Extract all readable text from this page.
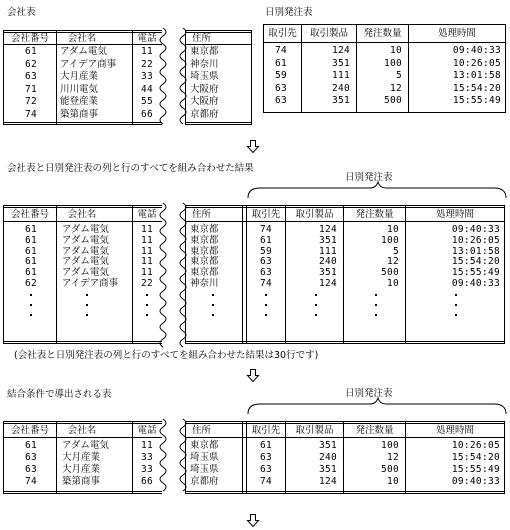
会社表	日別発注表
会社番号	会社名	電話	住所	取引先	取引製品	発注数量	処理時間
61	アダム電気	11	東京都
62	アイデア商事	22	神奈川
63	大月産業	33	埼玉県
71	川川電気	44	大阪府
72	能登産業	55	大阪府
74	築第商事	66	京都府
74	124	10	09:40:33
61	351	100	10:26:05
59	111	5	13:01:58
63	240	12	15:54:20
63	351	500	15:55:49
会社表と日別発注表の列と行のすべてを組み合わせた結果
日別発注表
会社番号	会社名	電話	住所	取引先	取引製品	発注数量	処理時間
61	アダム電気	11	東京都	74	124	10	09:40:33
61	アダム電気	11	東京都	61	351	100	10:26:05
61	アダム電気	11	東京都	59	111	5	13:01:58
61	アダム電気	11	東京都	63	240	12	15:54:20
61	アダム電気	11	東京都	63	351	500	15:55:49
62	アイデア商事	22	神奈川	74	124	10	09:40:33
(会社表と日別発注表の列と行のすべてを組み合わせた結果は30行です)
結合条件で導出される表	日別発注表
会社番号	会社名	電話	住所	取引先	取引製品	発注数量	処理時間
61	アダム電気	11	東京都	61	351	100	10:26:05
63	大月産業	33	埼玉県	63	240	12	15:54:20
63	大月産業	33	埼玉県	63	351	500	15:55:49
74	築第商事	66	京都府	74	124	10	09:40:33
